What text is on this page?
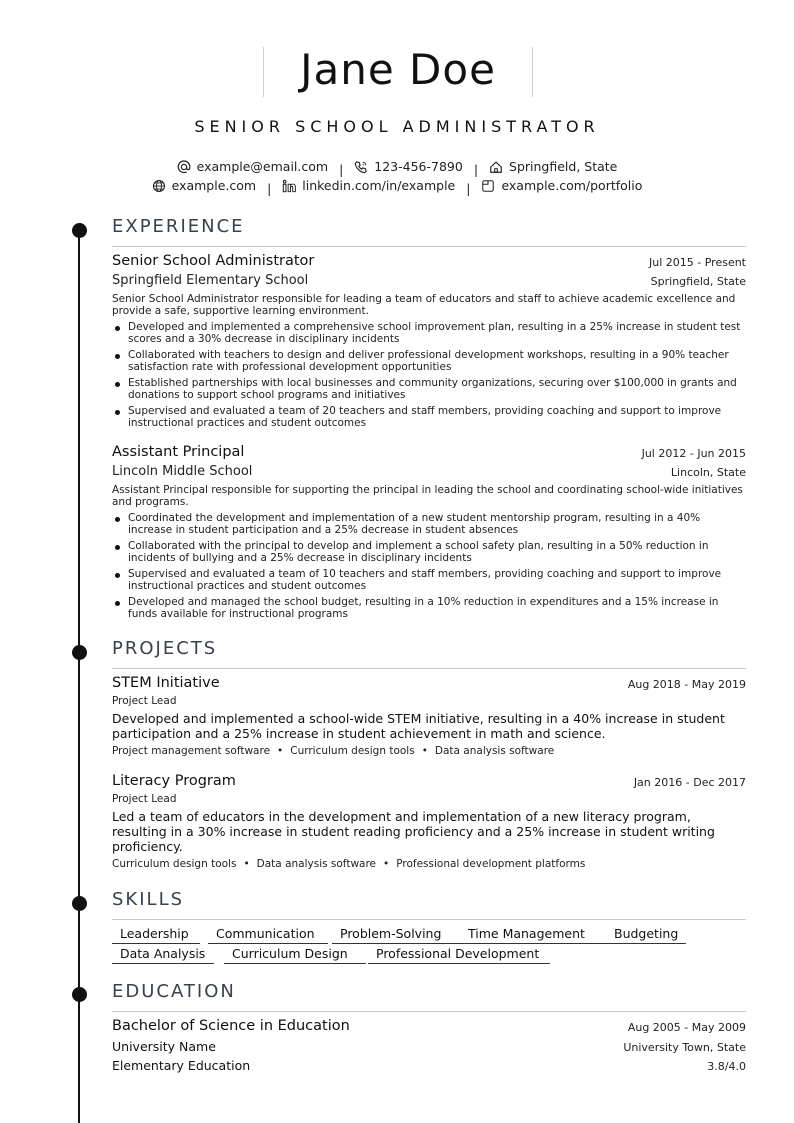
Jane Doe
SENIOR SCHOOL ADMINISTRATOR
example@email.com | 123-456-7890 | Springfield, State
example.com | linkedin.com/in/example | example.com/portfolio
EXPERIENCE
Senior School Administrator	Jul 2015 - Present
Springfield Elementary School	Springfield, State
Senior School Administrator responsible for leading a team of educators and staff to achieve academic excellence and provide a safe, supportive learning environment.
Developed and implemented a comprehensive school improvement plan, resulting in a 25% increase in student test scores and a 30% decrease in disciplinary incidents
Collaborated with teachers to design and deliver professional development workshops, resulting in a 90% teacher satisfaction rate with professional development opportunities
Established partnerships with local businesses and community organizations, securing over $100,000 in grants and donations to support school programs and initiatives
Supervised and evaluated a team of 20 teachers and staff members, providing coaching and support to improve instructional practices and student outcomes
Assistant Principal	Jul 2012 - Jun 2015
Lincoln Middle School	Lincoln, State
Assistant Principal responsible for supporting the principal in leading the school and coordinating school-wide initiatives and programs.
Coordinated the development and implementation of a new student mentorship program, resulting in a 40% increase in student participation and a 25% decrease in student absences
Collaborated with the principal to develop and implement a school safety plan, resulting in a 50% reduction in incidents of bullying and a 25% decrease in disciplinary incidents
Supervised and evaluated a team of 10 teachers and staff members, providing coaching and support to improve instructional practices and student outcomes
Developed and managed the school budget, resulting in a 10% reduction in expenditures and a 15% increase in funds available for instructional programs
PROJECTS
STEM Initiative	Aug 2018 - May 2019
Project Lead
Developed and implemented a school-wide STEM initiative, resulting in a 40% increase in student participation and a 25% increase in student achievement in math and science.
Project management software • Curriculum design tools • Data analysis software
Literacy Program	Jan 2016 - Dec 2017
Project Lead
Led a team of educators in the development and implementation of a new literacy program, resulting in a 30% increase in student reading proficiency and a 25% increase in student writing proficiency.
Curriculum design tools • Data analysis software • Professional development platforms
SKILLS
Leadership	Communication	Problem-Solving	Time Management	Budgeting
Data Analysis	Curriculum Design	Professional Development
EDUCATION
Bachelor of Science in Education	Aug 2005 - May 2009
University Name	University Town, State
Elementary Education	3.8/4.0
